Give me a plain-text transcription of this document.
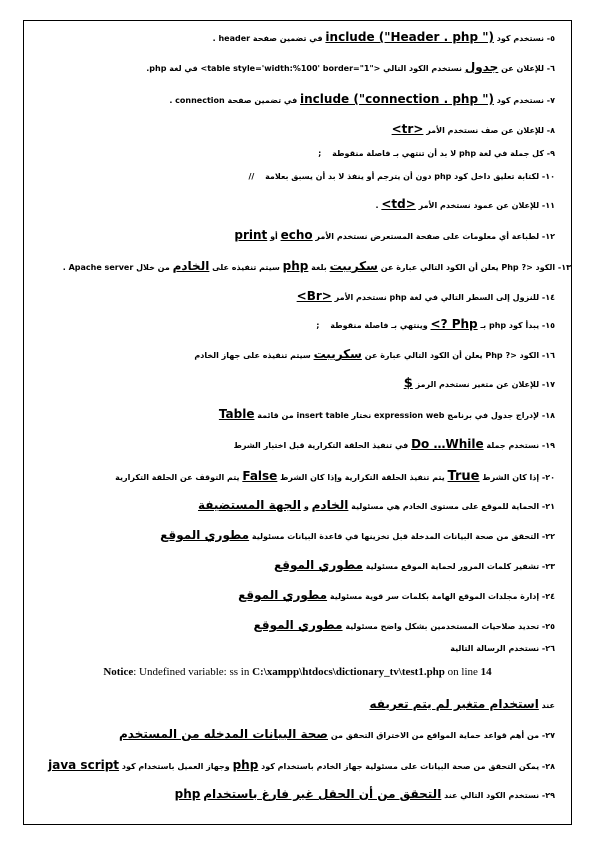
٥- نستخدم كود include ("Header . php ") في تضمين صفحة header .
٦- للإعلان عن جدول نستخدم الكود التالي <table style='width:%100' border="1"> في لغة php.
٧- نستخدم كود include ("connection . php ") في تضمين صفحة connection .
٨- للإعلان عن صف نستخدم الأمر <tr>
٩- كل جملة في لغة php لا بد أن تنتهي بـ فاصلة منقوطة ;
١٠- لكتابة تعليق داخل كود php دون أن يترجم أو ينفذ لا بد أن يسبق بعلامة //
١١- للإعلان عن عمود نستخدم الأمر <td> .
١٢- لطباعة أي معلومات على صفحة المستعرض نستخدم الأمر echo أو print
١٣- الكود <? Php يعلن أن الكود التالي عبارة عن سكريبت بلغة php سيتم تنفيذه على الخادم من خلال Apache server .
١٤- للنزول إلى السطر التالي في لغة php نستخدم الأمر <Br>
١٥- يبدأ كود php بـ <? Php وينتهي بـ فاصلة منقوطة ;
١٦- الكود <? Php يعلن أن الكود التالي عبارة عن سكريبت سيتم تنفيذه على جهاز الخادم
١٧- للإعلان عن متغير نستخدم الرمز $
١٨- لإدراج جدول في برنامج expression web نختار insert table من قائمة Table
١٩- نستخدم جملة Do …While في تنفيذ الحلقة التكرارية قبل اختبار الشرط
٢٠- إذا كان الشرط True يتم تنفيذ الحلقة التكرارية وإذا كان الشرط False يتم التوقف عن الحلقة التكرارية
٢١- الحماية للموقع على مستوى الخادم هي مسئولية الخادم و الجهة المستضيفة
٢٢- التحقق من صحة البيانات المدخلة قبل تخزينها في قاعدة البيانات مسئولية مطوري الموقع
٢٣- تشفير كلمات المرور لحماية الموقع مسئولية مطوري الموقع
٢٤- إدارة مجلدات الموقع الهامة بكلمات سر قوية مسئولية مطوري الموقع
٢٥- تحديد صلاحيات المستخدمين بشكل واضح مسئولية مطوري الموقع
٢٦- نستخدم الرسالة التالية
Notice: Undefined variable: ss in C:\xampp\htdocs\dictionary_tv\test1.php on line 14
عند استخدام متغير لم يتم تعريفه
٢٧- من أهم قواعد حماية المواقع من الاختراق التحقق من صحة البيانات المدخله من المستخدم
٢٨- يمكن التحقق من صحة البيانات على مسئولية جهاز الخادم باستخدام كود php وجهاز العميل باستخدام كود java script
٢٩- نستخدم الكود التالي عند التحقق من أن الحقل غير فارغ باستخدام php
